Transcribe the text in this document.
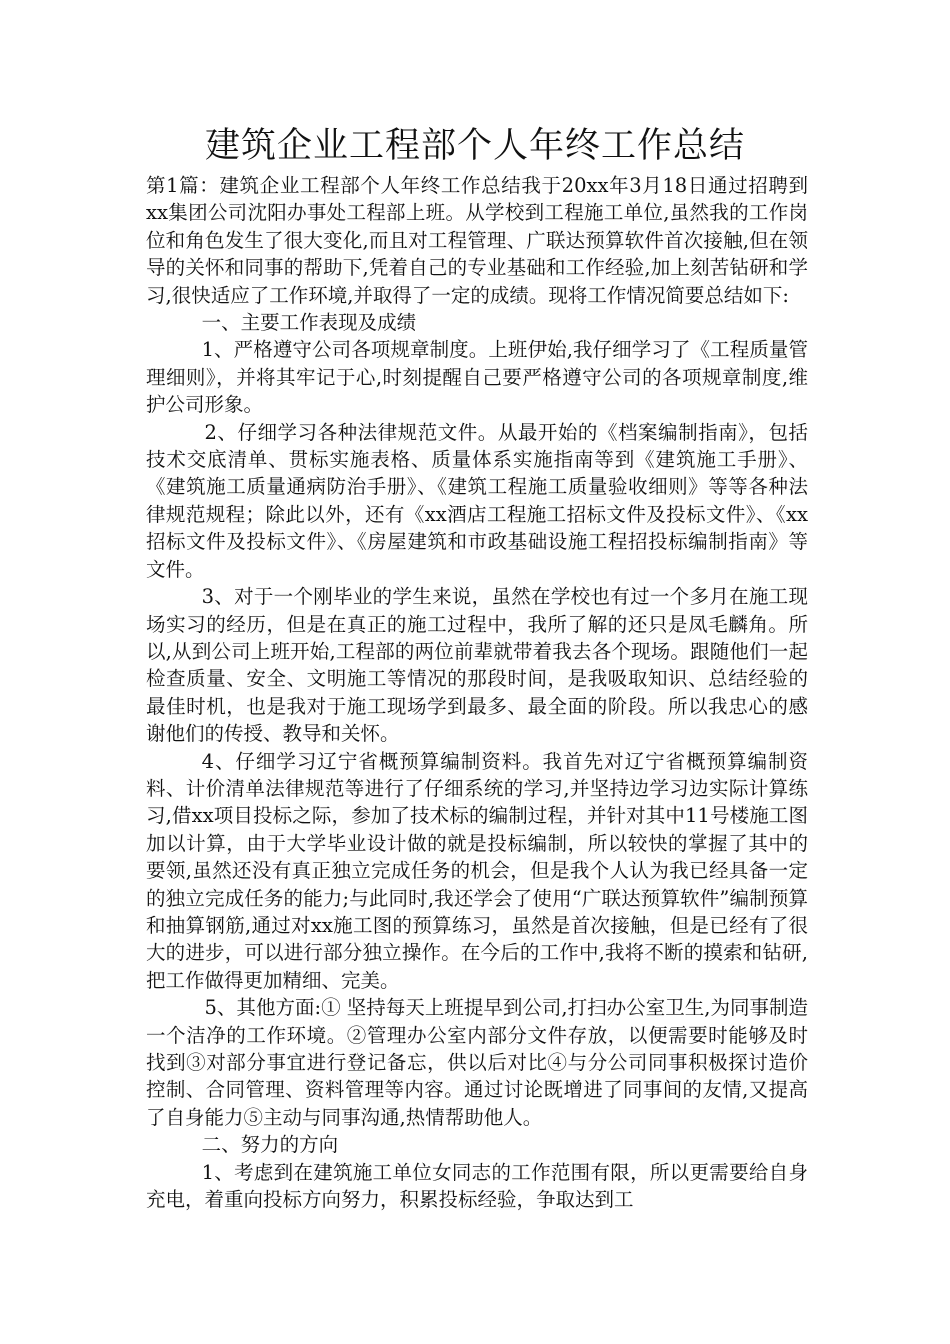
建筑企业工程部个人年终工作总结

第1篇：建筑企业工程部个人年终工作总结我于20xx年3月18日通过招聘到xx集团公司沈阳办事处工程部上班。从学校到工程施工单位,虽然我的工作岗位和角色发生了很大变化,而且对工程管理、广联达预算软件首次接触,但在领导的关怀和同事的帮助下,凭着自己的专业基础和工作经验,加上刻苦钻研和学习,很快适应了工作环境,并取得了一定的成绩。现将工作情况简要总结如下:

一、主要工作表现及成绩

1、严格遵守公司各项规章制度。上班伊始,我仔细学习了《工程质量管理细则》，并将其牢记于心,时刻提醒自己要严格遵守公司的各项规章制度,维护公司形象。

2、仔细学习各种法律规范文件。从最开始的《档案编制指南》，包括技术交底清单、贯标实施表格、质量体系实施指南等到《建筑施工手册》、《建筑施工质量通病防治手册》、《建筑工程施工质量验收细则》等等各种法律规范规程；除此以外，还有《xx酒店工程施工招标文件及投标文件》、《xx招标文件及投标文件》、《房屋建筑和市政基础设施工程招投标编制指南》等文件。

3、对于一个刚毕业的学生来说，虽然在学校也有过一个多月在施工现场实习的经历，但是在真正的施工过程中，我所了解的还只是凤毛麟角。所以,从到公司上班开始,工程部的两位前辈就带着我去各个现场。跟随他们一起检查质量、安全、文明施工等情况的那段时间，是我吸取知识、总结经验的最佳时机，也是我对于施工现场学到最多、最全面的阶段。所以我忠心的感谢他们的传授、教导和关怀。

4、仔细学习辽宁省概预算编制资料。我首先对辽宁省概预算编制资料、计价清单法律规范等进行了仔细系统的学习,并坚持边学习边实际计算练习,借xx项目投标之际，参加了技术标的编制过程，并针对其中11号楼施工图加以计算，由于大学毕业设计做的就是投标编制，所以较快的掌握了其中的要领,虽然还没有真正独立完成任务的机会，但是我个人认为我已经具备一定的独立完成任务的能力;与此同时,我还学会了使用“广联达预算软件”编制预算和抽算钢筋,通过对xx施工图的预算练习，虽然是首次接触，但是已经有了很大的进步，可以进行部分独立操作。在今后的工作中,我将不断的摸索和钻研,把工作做得更加精细、完美。

5、其他方面:① 坚持每天上班提早到公司,打扫办公室卫生,为同事制造一个洁净的工作环境。②管理办公室内部分文件存放，以便需要时能够及时找到③对部分事宜进行登记备忘，供以后对比④与分公司同事积极探讨造价控制、合同管理、资料管理等内容。通过讨论既增进了同事间的友情,又提高了自身能力⑤主动与同事沟通,热情帮助他人。

二、努力的方向

1、考虑到在建筑施工单位女同志的工作范围有限，所以更需要给自身充电，着重向投标方向努力，积累投标经验，争取达到工
